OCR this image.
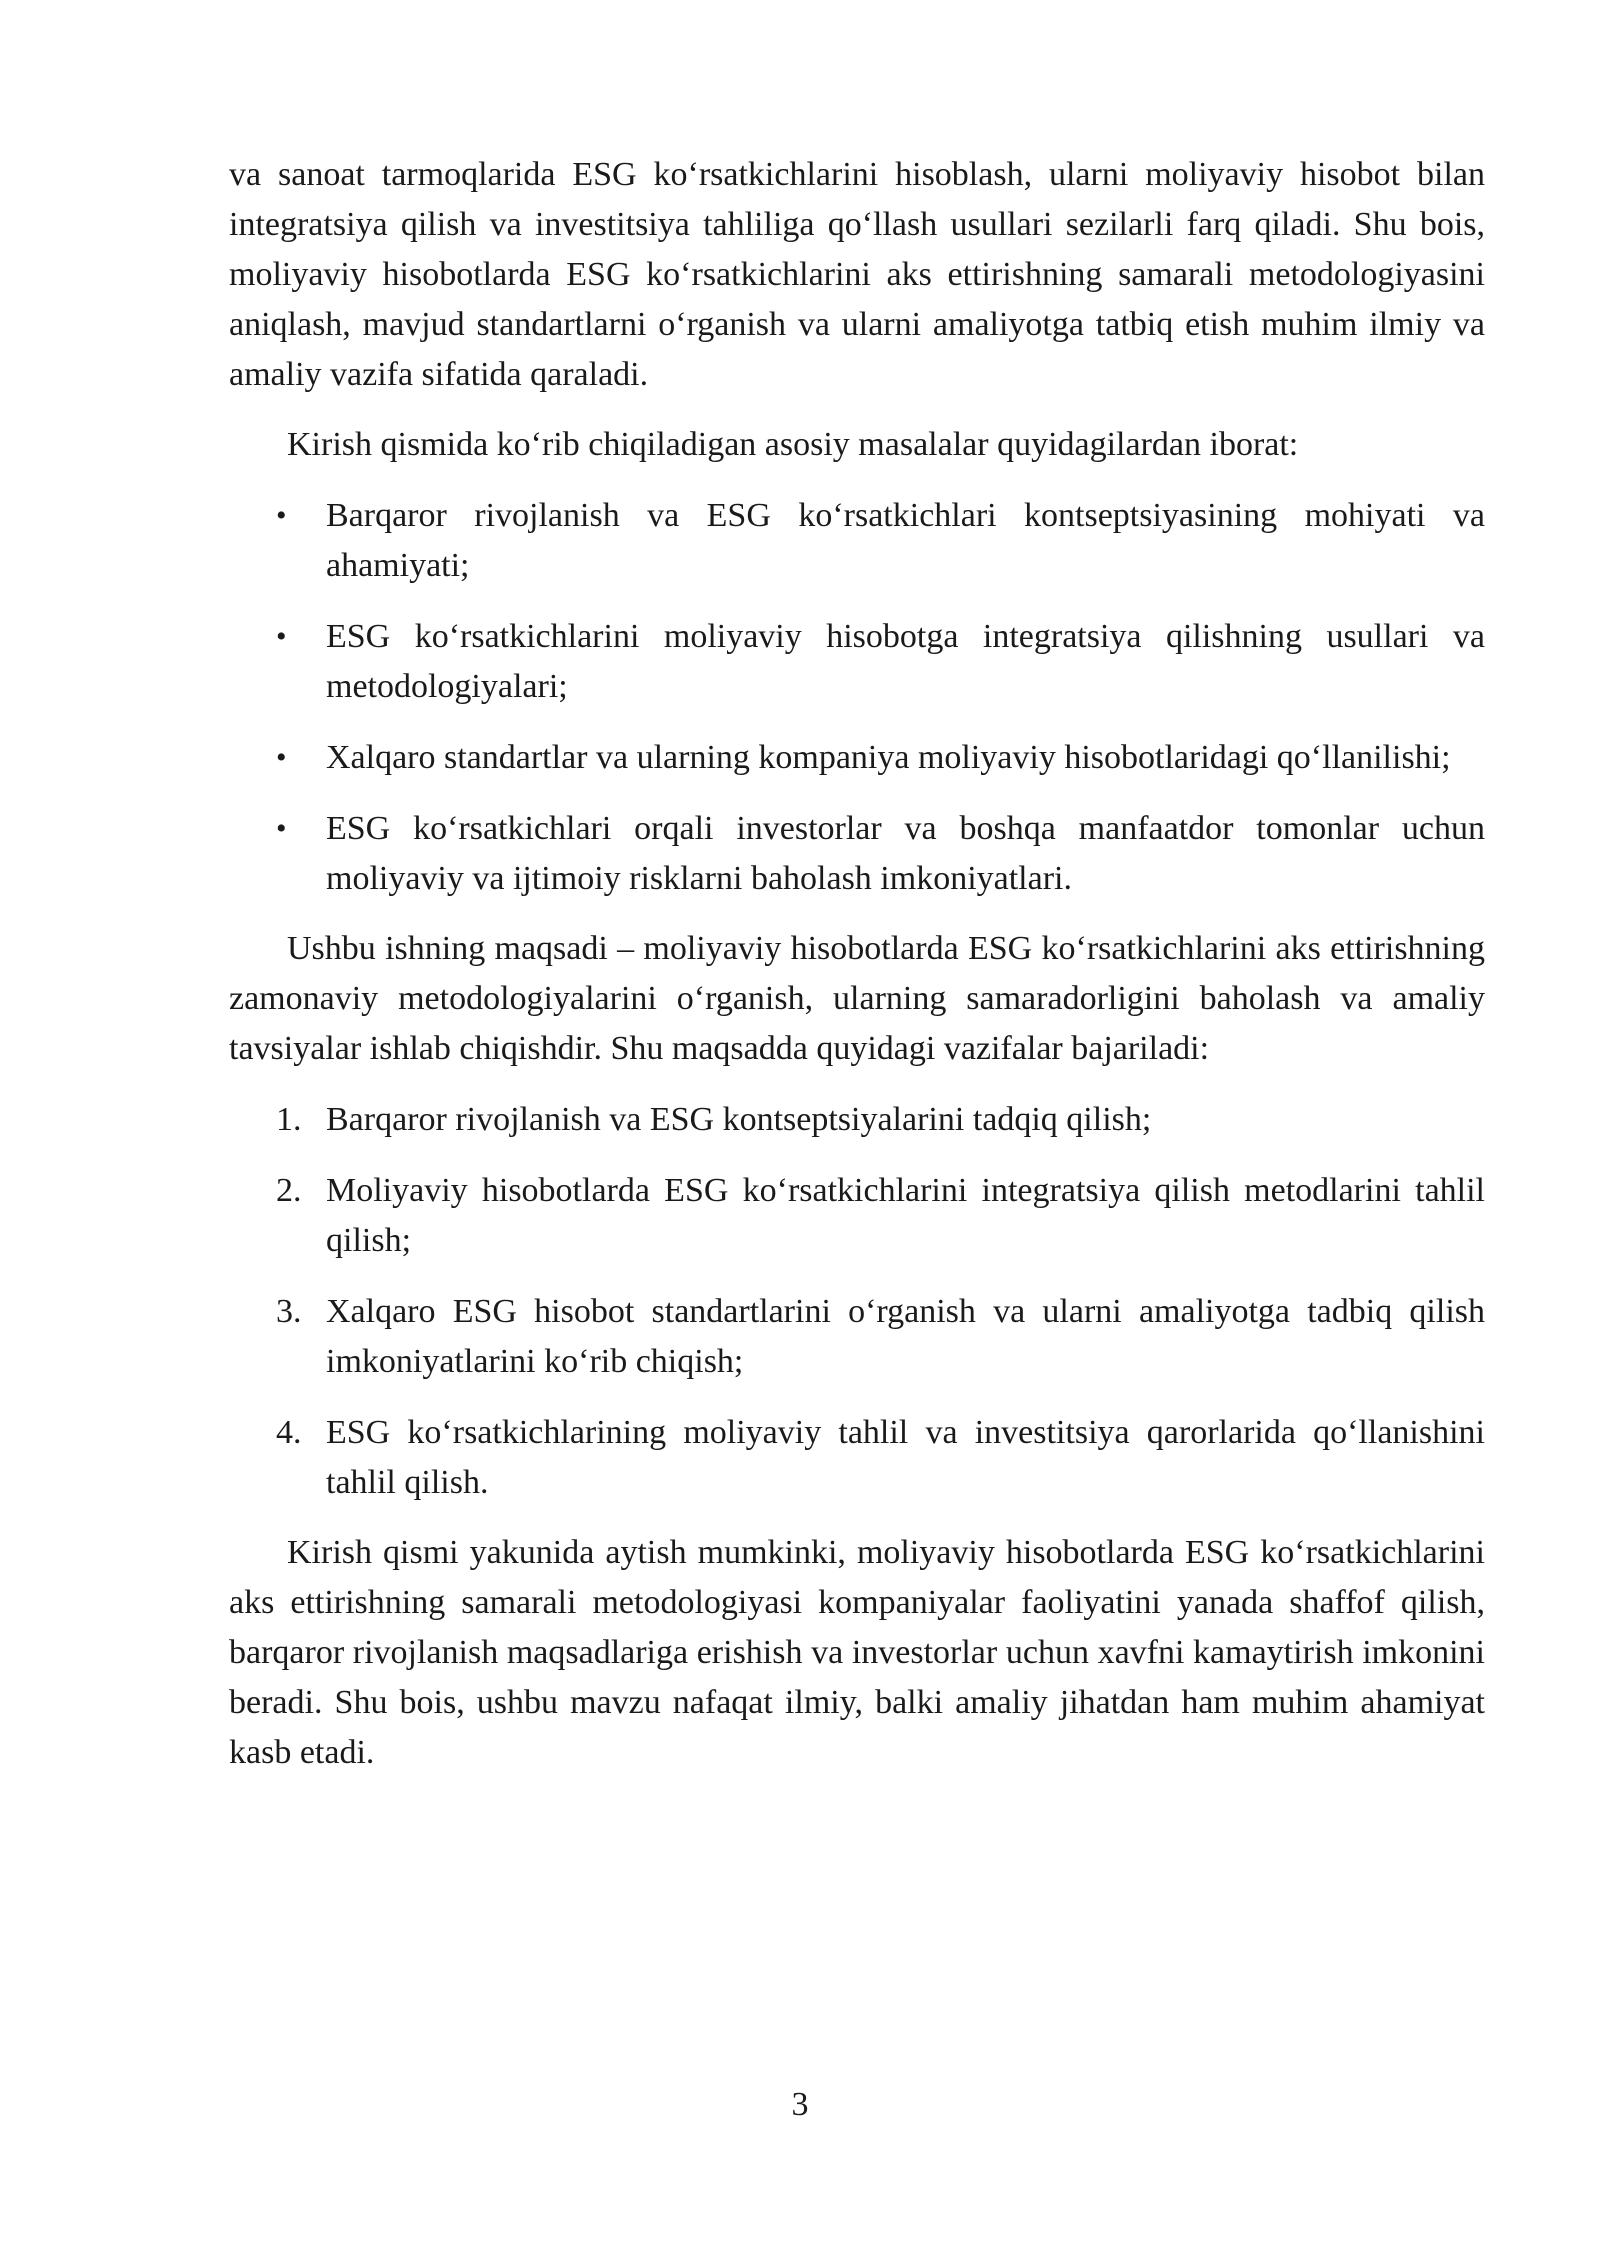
va sanoat tarmoqlarida ESG ko‘rsatkichlarini hisoblash, ularni moliyaviy hisobot bilan integratsiya qilish va investitsiya tahliliga qo‘llash usullari sezilarli farq qiladi. Shu bois, moliyaviy hisobotlarda ESG ko‘rsatkichlarini aks ettirishning samarali metodologiyasini aniqlash, mavjud standartlarni o‘rganish va ularni amaliyotga tatbiq etish muhim ilmiy va amaliy vazifa sifatida qaraladi.

Kirish qismida ko‘rib chiqiladigan asosiy masalalar quyidagilardan iborat:

•	Barqaror rivojlanish va ESG ko‘rsatkichlari kontseptsiyasining mohiyati va ahamiyati;
•	ESG ko‘rsatkichlarini moliyaviy hisobotga integratsiya qilishning usullari va metodologiyalari;
•	Xalqaro standartlar va ularning kompaniya moliyaviy hisobotlaridagi qo‘llanilishi;
•	ESG ko‘rsatkichlari orqali investorlar va boshqa manfaatdor tomonlar uchun moliyaviy va ijtimoiy risklarni baholash imkoniyatlari.

Ushbu ishning maqsadi – moliyaviy hisobotlarda ESG ko‘rsatkichlarini aks ettirishning zamonaviy metodologiyalarini o‘rganish, ularning samaradorligini baholash va amaliy tavsiyalar ishlab chiqishdir. Shu maqsadda quyidagi vazifalar bajariladi:

1. Barqaror rivojlanish va ESG kontseptsiyalarini tadqiq qilish;
2. Moliyaviy hisobotlarda ESG ko‘rsatkichlarini integratsiya qilish metodlarini tahlil qilish;
3. Xalqaro ESG hisobot standartlarini o‘rganish va ularni amaliyotga tadbiq qilish imkoniyatlarini ko‘rib chiqish;
4. ESG ko‘rsatkichlarining moliyaviy tahlil va investitsiya qarorlarida qo‘llanishini tahlil qilish.

Kirish qismi yakunida aytish mumkinki, moliyaviy hisobotlarda ESG ko‘rsatkichlarini aks ettirishning samarali metodologiyasi kompaniyalar faoliyatini yanada shaffof qilish, barqaror rivojlanish maqsadlariga erishish va investorlar uchun xavfni kamaytirish imkonini beradi. Shu bois, ushbu mavzu nafaqat ilmiy, balki amaliy jihatdan ham muhim ahamiyat kasb etadi.

3
